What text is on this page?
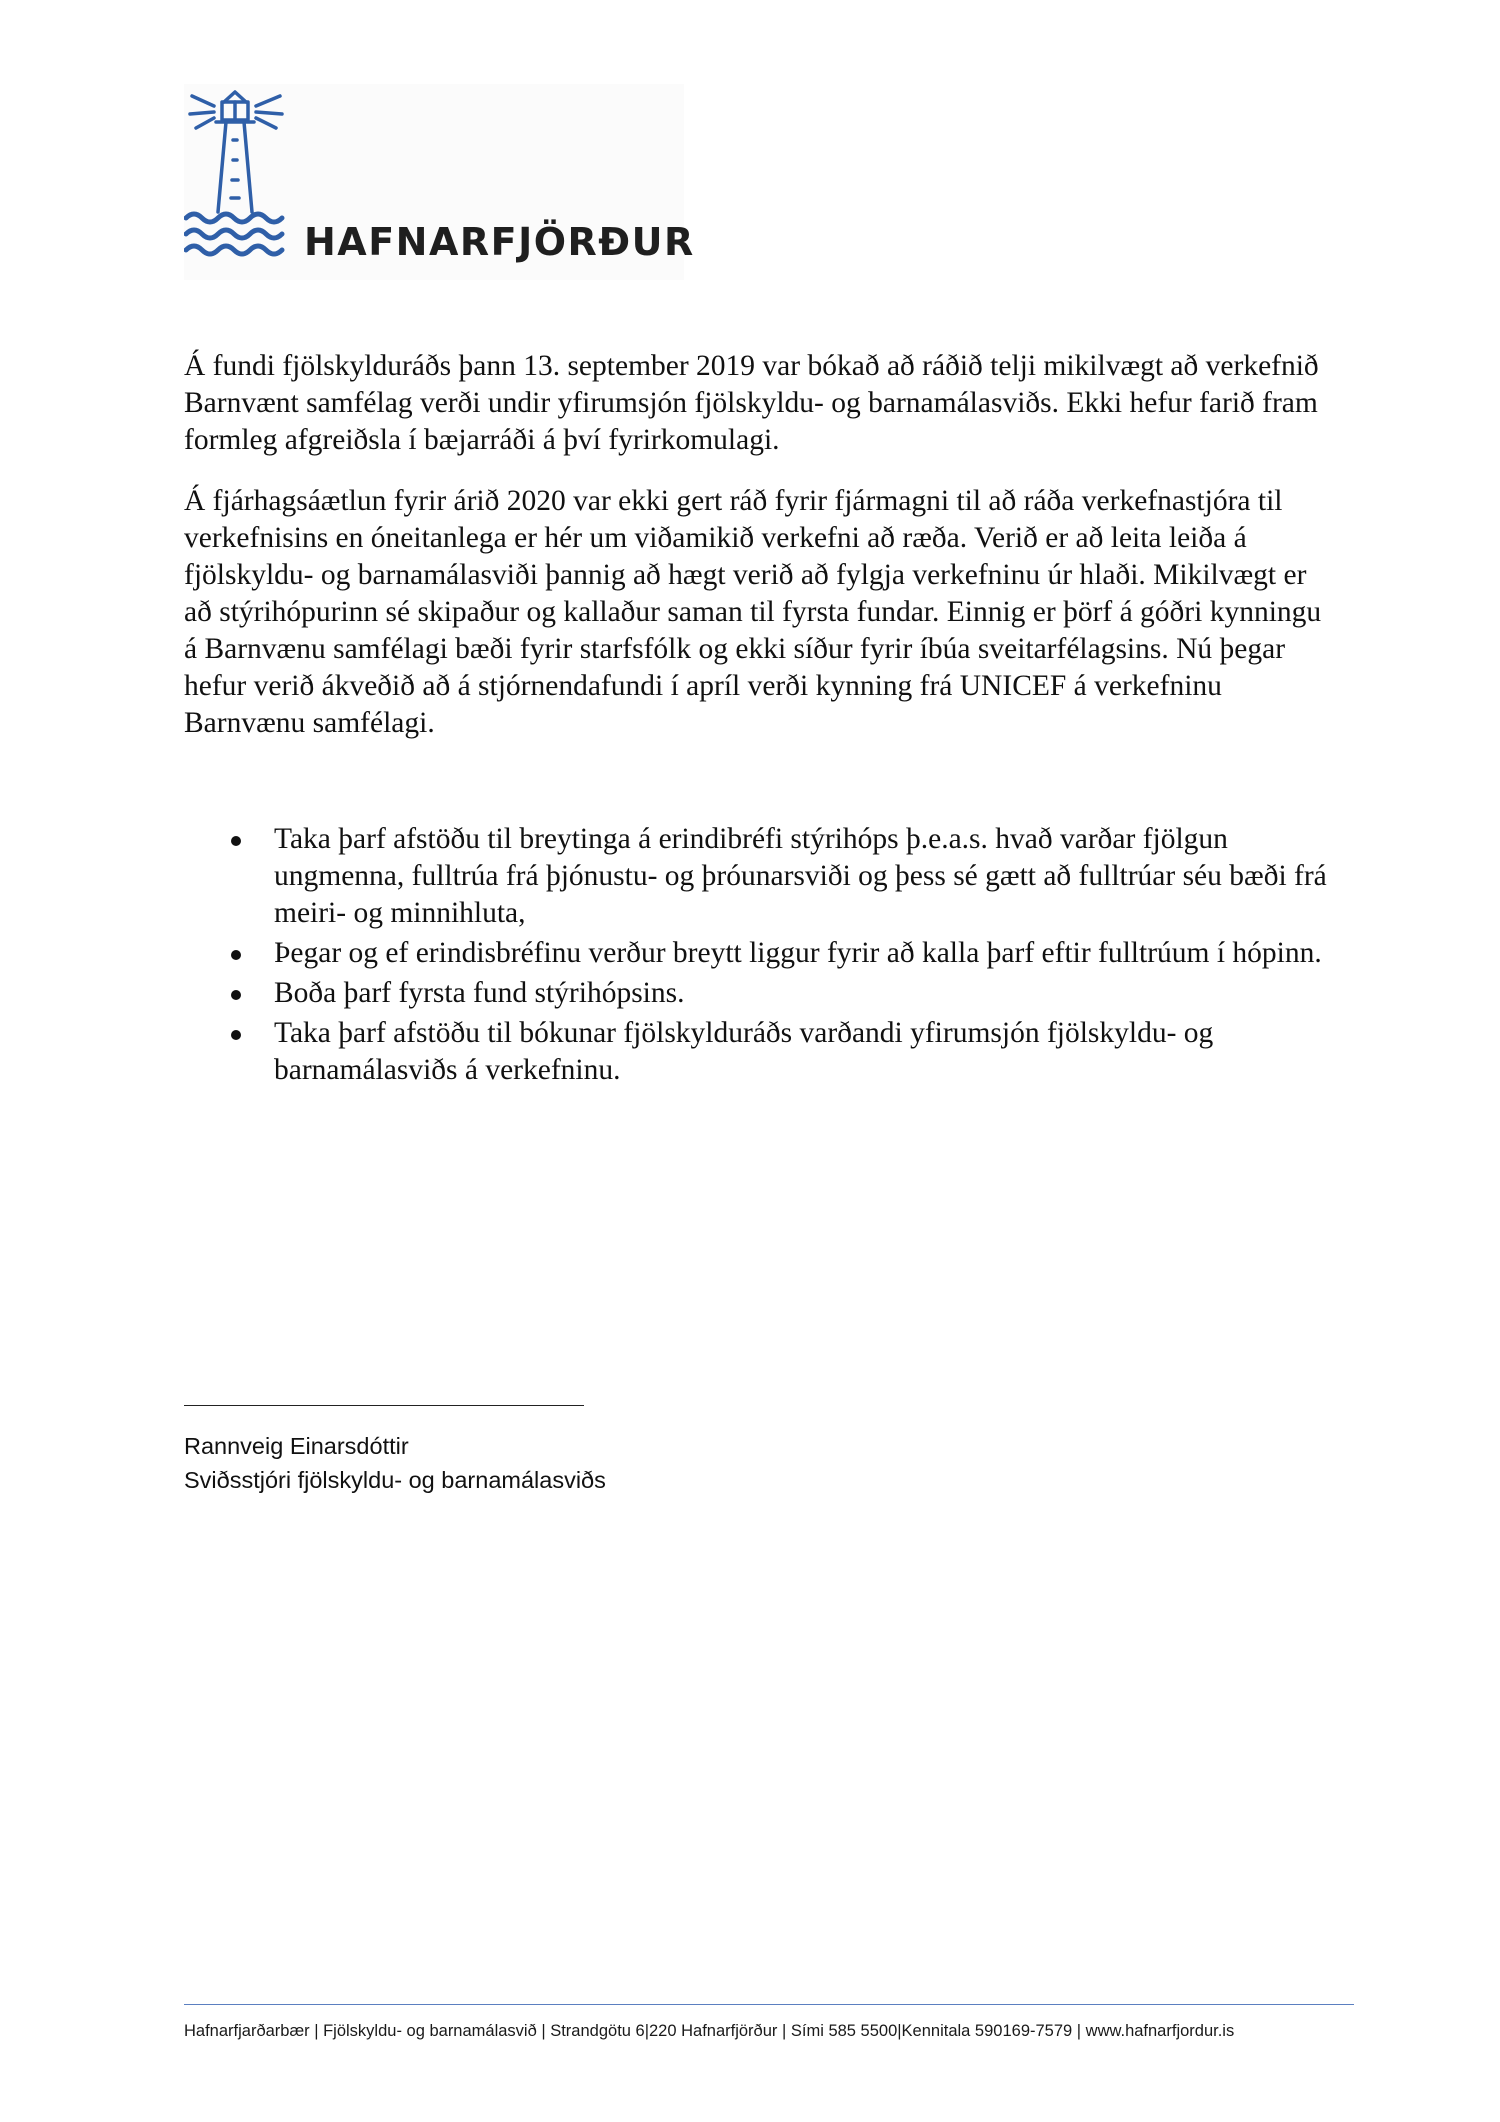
HAFNARFJÖRÐUR

Á fundi fjölskylduráðs þann 13. september 2019 var bókað að ráðið telji mikilvægt að verkefnið Barnvænt samfélag verði undir yfirumsjón fjölskyldu- og barnamálasviðs. Ekki hefur farið fram formleg afgreiðsla í bæjarráði á því fyrirkomulagi.

Á fjárhagsáætlun fyrir árið 2020 var ekki gert ráð fyrir fjármagni til að ráða verkefnastjóra til verkefnisins en óneitanlega er hér um viðamikið verkefni að ræða. Verið er að leita leiða á fjölskyldu- og barnamálasviði þannig að hægt verið að fylgja verkefninu úr hlaði. Mikilvægt er að stýrihópurinn sé skipaður og kallaður saman til fyrsta fundar. Einnig er þörf á góðri kynningu á Barnvænu samfélagi bæði fyrir starfsfólk og ekki síður fyrir íbúa sveitarfélagsins. Nú þegar hefur verið ákveðið að á stjórnendafundi í apríl verði kynning frá UNICEF á verkefninu Barnvænu samfélagi.

Taka þarf afstöðu til breytinga á erindibréfi stýrihóps þ.e.a.s. hvað varðar fjölgun ungmenna, fulltrúa frá þjónustu- og þróunarsviði og þess sé gætt að fulltrúar séu bæði frá meiri- og minnihluta,
Þegar og ef erindisbréfinu verður breytt liggur fyrir að kalla þarf eftir fulltrúum í hópinn.
Boða þarf fyrsta fund stýrihópsins.
Taka þarf afstöðu til bókunar fjölskylduráðs varðandi yfirumsjón fjölskyldu- og barnamálasviðs á verkefninu.
Rannveig Einarsdóttir
Sviðsstjóri fjölskyldu- og barnamálasviðs
Hafnarfjarðarbær | Fjölskyldu- og barnamálasvið | Strandgötu 6|220 Hafnarfjörður | Sími 585 5500|Kennitala 590169-7579 | www.hafnarfjordur.is
